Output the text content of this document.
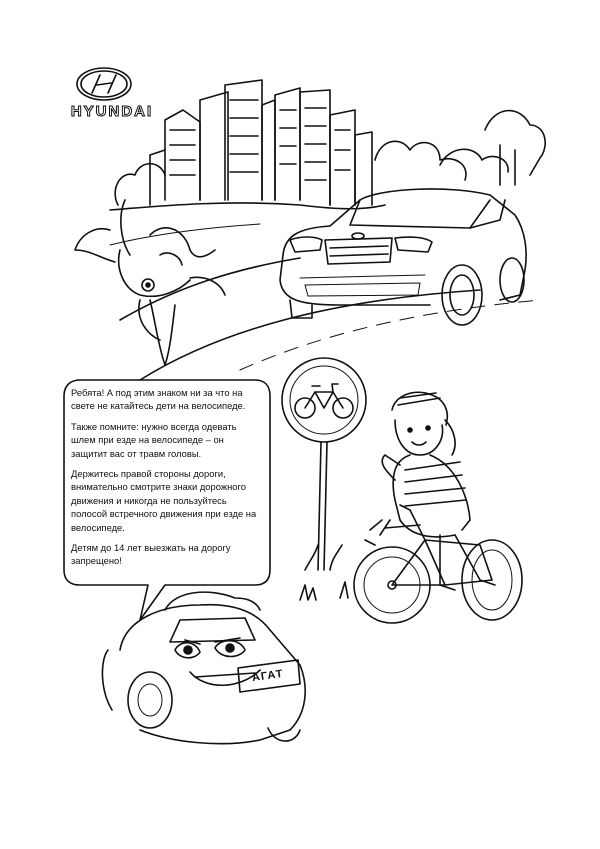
HYUNDAI

Ребята! А под этим знаком ни за что на свете не катайтесь дети на велосипеде.

Также помните: нужно всегда одевать шлем при езде на велосипеде – он защитит вас от травм головы.

Держитесь правой стороны дороги, внимательно смотрите знаки дорожного движения и никогда не пользуйтесь полосой встречного движения при езде на велосипеде.

Детям до 14 лет выезжать на дорогу запрещено!

АГАТ
